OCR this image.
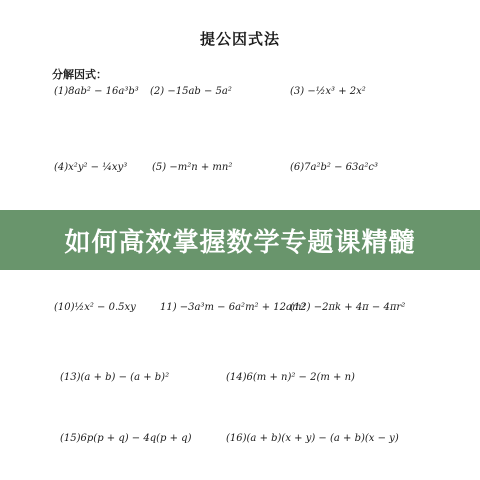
提公因式法
分解因式：
(1)8ab² − 16a³b³ (2) −15ab − 5a²	(3) −½x³ + 2x²
(4)x²y² − ¼xy³ (5) −m²n + mn²	(6)7a²b² − 63a²c³
(10)½x² − 0.5xy 11) −3a³m − 6a²m² + 12am³
(12) −2πk + 4π − 4πr²
(13)(a + b) − (a + b)²	(14)6(m + n)² − 2(m + n)
(15)6p(p + q) − 4q(p + q)	(16)(a + b)(x + y) − (a + b)(x − y)
如何高效掌握数学专题课精髓
